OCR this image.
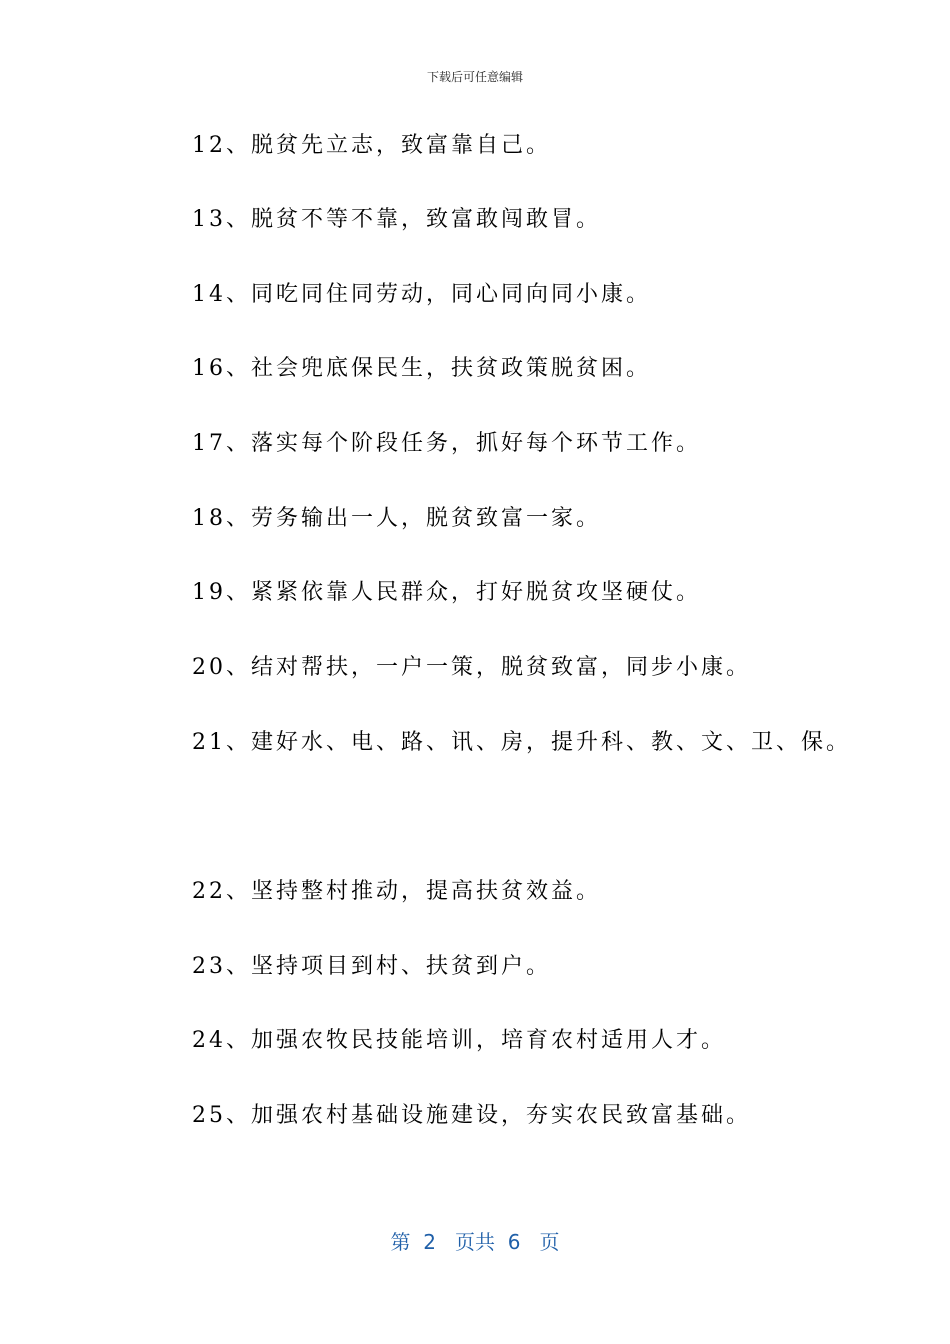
下载后可任意编辑
12、脱贫先立志，致富靠自己。
13、脱贫不等不靠，致富敢闯敢冒。
14、同吃同住同劳动，同心同向同小康。
16、社会兜底保民生，扶贫政策脱贫困。
17、落实每个阶段任务，抓好每个环节工作。
18、劳务输出一人，脱贫致富一家。
19、紧紧依靠人民群众，打好脱贫攻坚硬仗。
20、结对帮扶，一户一策，脱贫致富，同步小康。
21、建好水、电、路、讯、房，提升科、教、文、卫、保。
22、坚持整村推动，提高扶贫效益。
23、坚持项目到村、扶贫到户。
24、加强农牧民技能培训，培育农村适用人才。
25、加强农村基础设施建设，夯实农民致富基础。
第  2   页共  6   页
